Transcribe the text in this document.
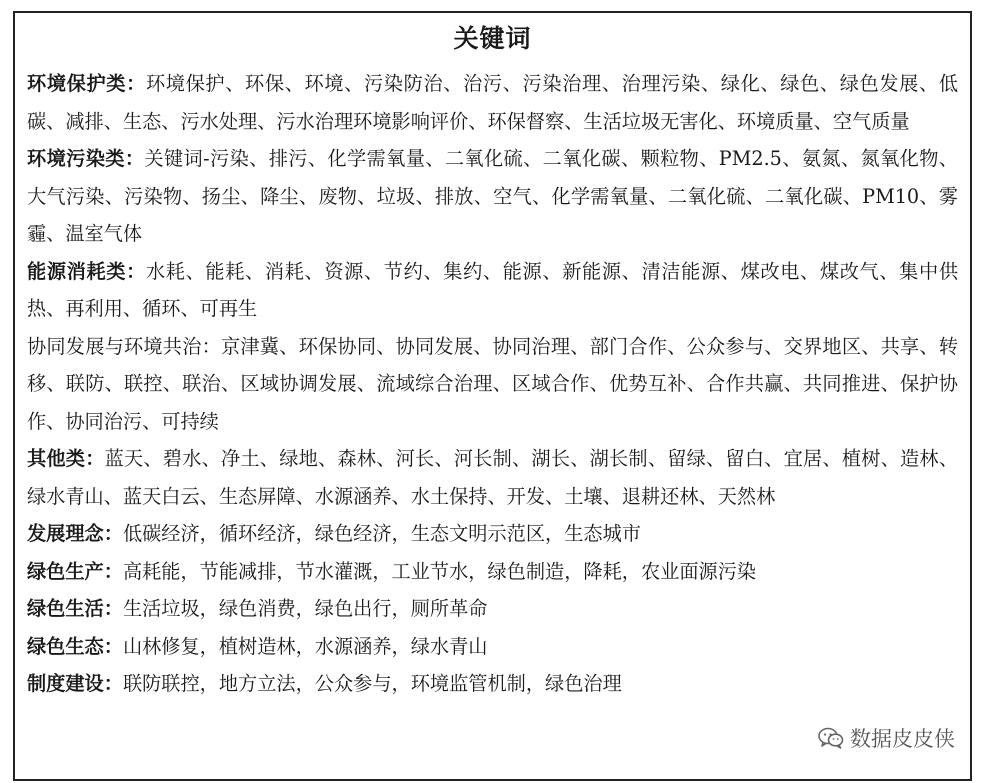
关键词

环境保护类：环境保护、环保、环境、污染防治、治污、污染治理、治理污染、绿化、绿色、绿色发展、低碳、减排、生态、污水处理、污水治理环境影响评价、环保督察、生活垃圾无害化、环境质量、空气质量

环境污染类：关键词-污染、排污、化学需氧量、二氧化硫、二氧化碳、颗粒物、PM2.5、氨氮、氮氧化物、大气污染、污染物、扬尘、降尘、废物、垃圾、排放、空气、化学需氧量、二氧化硫、二氧化碳、PM10、雾霾、温室气体

能源消耗类：水耗、能耗、消耗、资源、节约、集约、能源、新能源、清洁能源、煤改电、煤改气、集中供热、再利用、循环、可再生

协同发展与环境共治：京津冀、环保协同、协同发展、协同治理、部门合作、公众参与、交界地区、共享、转移、联防、联控、联治、区域协调发展、流域综合治理、区域合作、优势互补、合作共赢、共同推进、保护协作、协同治污、可持续

其他类：蓝天、碧水、净土、绿地、森林、河长、河长制、湖长、湖长制、留绿、留白、宜居、植树、造林、绿水青山、蓝天白云、生态屏障、水源涵养、水土保持、开发、土壤、退耕还林、天然林

发展理念：低碳经济，循环经济，绿色经济，生态文明示范区，生态城市

绿色生产：高耗能，节能减排，节水灌溉，工业节水，绿色制造，降耗，农业面源污染

绿色生活：生活垃圾，绿色消费，绿色出行，厕所革命

绿色生态：山林修复，植树造林，水源涵养，绿水青山

制度建设：联防联控，地方立法，公众参与，环境监管机制，绿色治理

数据皮皮侠
